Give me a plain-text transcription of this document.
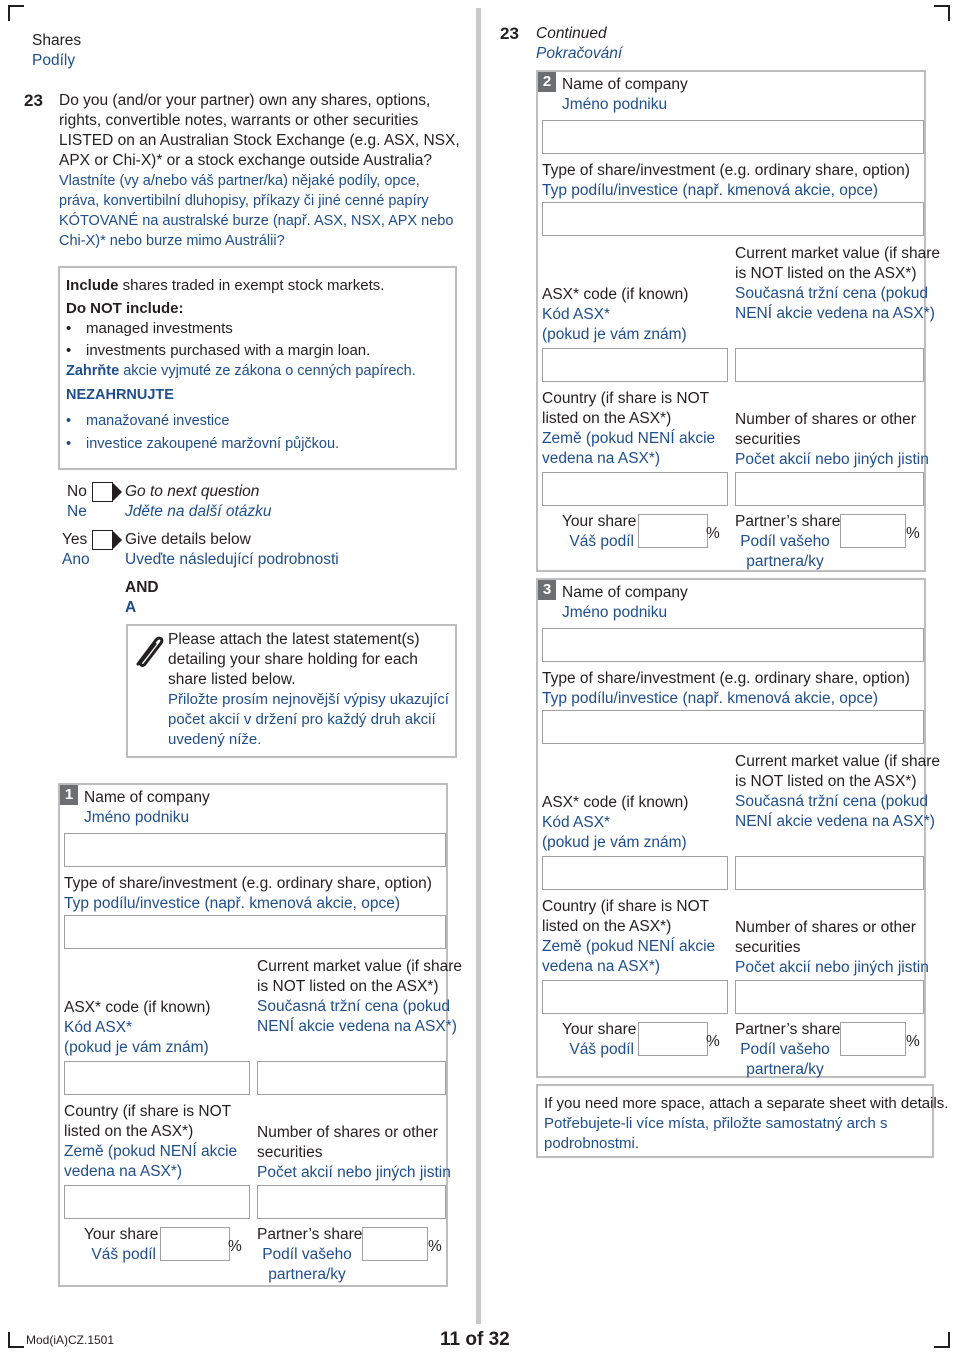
Shares
Podíly
23 Do you (and/or your partner) own any shares, options,
rights, convertible notes, warrants or other securities
LISTED on an Australian Stock Exchange (e.g. ASX, NSX,
APX or Chi-X)* or a stock exchange outside Australia?
Vlastníte (vy a/nebo váš partner/ka) nějaké podíly, opce,
práva, konvertibilní dluhopisy, příkazy či jiné cenné papíry
KÓTOVANÉ na australské burze (např. ASX, NSX, APX nebo
Chi-X)* nebo burze mimo Austrálii?
Include shares traded in exempt stock markets.
Do NOT include:
• managed investments
• investments purchased with a margin loan.
Zahrňte akcie vyjmuté ze zákona o cenných papírech.
NEZAHRNUJTE
• manažované investice
• investice zakoupené maržovní půjčkou.
No
Ne
Go to next question
Jděte na další otázku
Yes
Ano
Give details below
Uveďte následující podrobnosti
AND
A
Please attach the latest statement(s)
detailing your share holding for each
share listed below.
Přiložte prosím nejnovější výpisy ukazující
počet akcií v držení pro každý druh akcií
uvedený níže.
23 Continued
Pokračování
1 Name of company
Jméno podniku
Type of share/investment (e.g. ordinary share, option)
Typ podílu/investice (např. kmenová akcie, opce)
ASX* code (if known)
Kód ASX*
(pokud je vám znám)
Current market value (if share
is NOT listed on the ASX*)
Současná tržní cena (pokud
NENÍ akcie vedena na ASX*)
Country (if share is NOT
listed on the ASX*)
Země (pokud NENÍ akcie
vedena na ASX*)
Number of shares or other
securities
Počet akcií nebo jiných jistin
Your share
Váš podíl	%
Partner’s share
Podíl vašeho
partnera/ky
%
2 Name of company
Jméno podniku
Type of share/investment (e.g. ordinary share, option)
Typ podílu/investice (např. kmenová akcie, opce)
ASX* code (if known)
Kód ASX*
(pokud je vám znám)
Current market value (if share
is NOT listed on the ASX*)
Současná tržní cena (pokud
NENÍ akcie vedena na ASX*)
Country (if share is NOT
listed on the ASX*)
Země (pokud NENÍ akcie
vedena na ASX*)
Number of shares or other
securities
Počet akcií nebo jiných jistin
Your share
Váš podíl	%
Partner’s share
Podíl vašeho
partnera/ky
%
3 Name of company
Jméno podniku
Type of share/investment (e.g. ordinary share, option)
Typ podílu/investice (např. kmenová akcie, opce)
ASX* code (if known)
Kód ASX*
(pokud je vám znám)
Current market value (if share
is NOT listed on the ASX*)
Současná tržní cena (pokud
NENÍ akcie vedena na ASX*)
Country (if share is NOT
listed on the ASX*)
Země (pokud NENÍ akcie
vedena na ASX*)
Number of shares or other
securities
Počet akcií nebo jiných jistin
Your share
Váš podíl	%
Partner’s share
Podíl vašeho
partnera/ky
%
If you need more space, attach a separate sheet with details.
Potřebujete-li více místa, přiložte samostatný arch s
podrobnostmi.
Mod(iA)CZ.1501	11 of 32
